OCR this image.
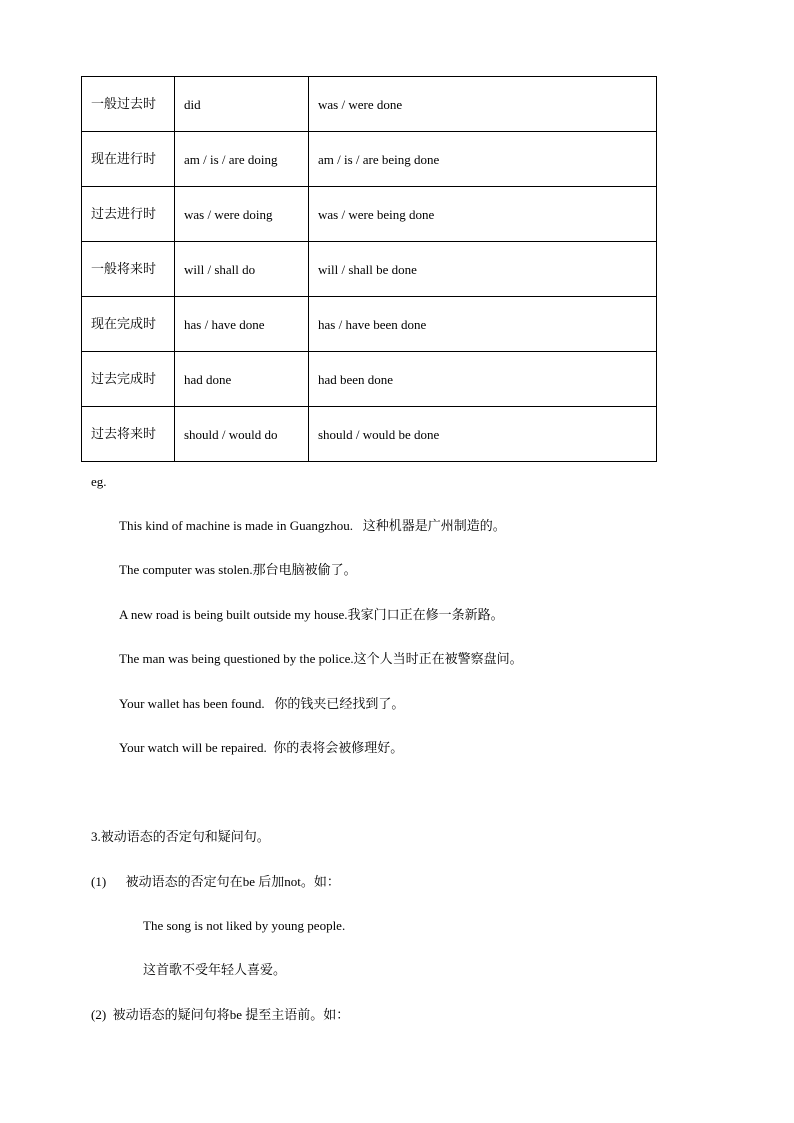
一般过去时	did	was / were done
现在进行时	am / is / are doing	am / is / are being done
过去进行时	was / were doing	was / were being done
一般将来时	will / shall do	will / shall be done
现在完成时	has / have done	has / have been done
过去完成时	had done	had been done
过去将来时	should / would do	should / would be done
eg.
This kind of machine is made in Guangzhou. 这种机器是广州制造的。
The computer was stolen.那台电脑被偷了。
A new road is being built outside my house.我家门口正在修一条新路。
The man was being questioned by the police.这个人当时正在被警察盘问。
Your wallet has been found. 你的钱夹已经找到了。
Your watch will be repaired. 你的表将会被修理好。
3.被动语态的否定句和疑问句。
(1) 被动语态的否定句在be 后加not。如：
The song is not liked by young people.
这首歌不受年轻人喜爱。
(2) 被动语态的疑问句将be 提至主语前。如：
